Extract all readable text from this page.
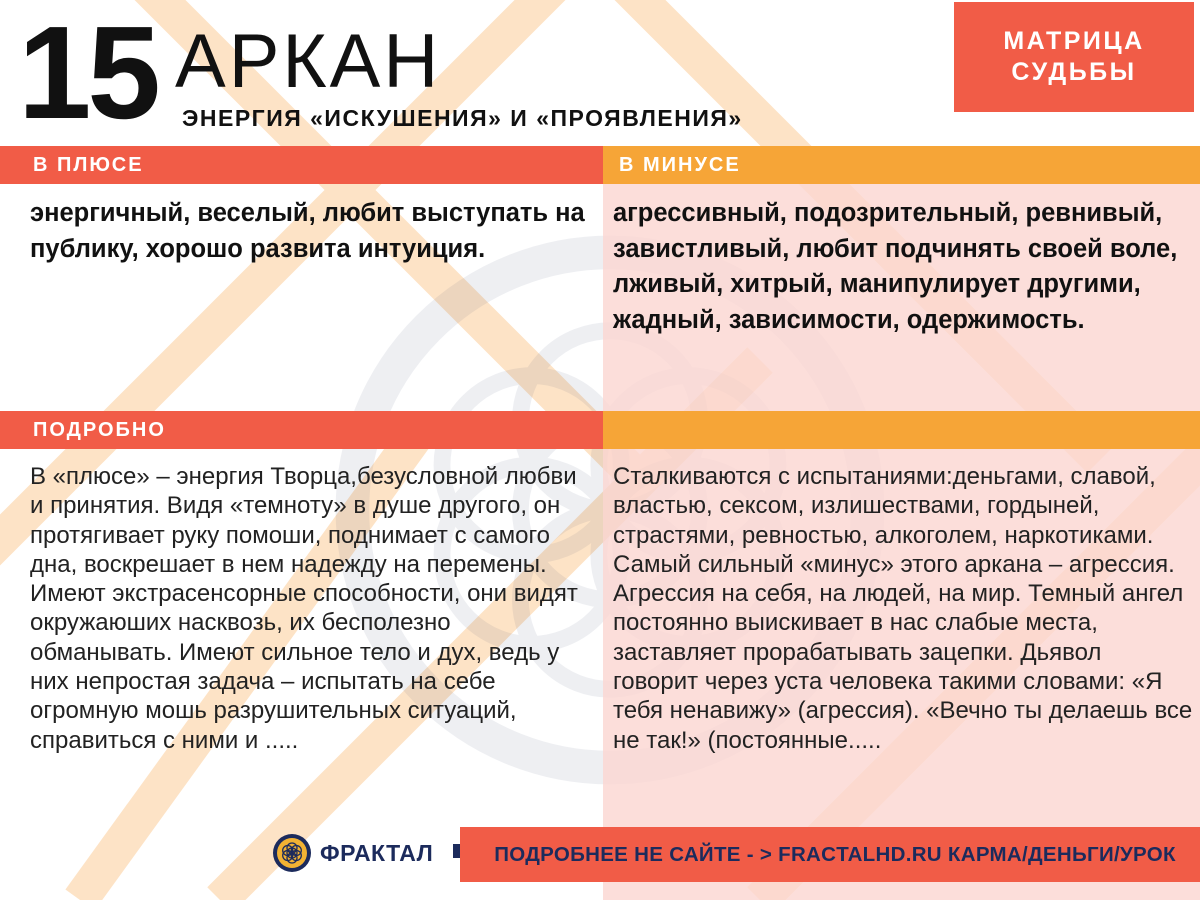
15 АРКАН
ЭНЕРГИЯ «ИСКУШЕНИЯ» И «ПРОЯВЛЕНИЯ»
МАТРИЦА
СУДЬБЫ
В ПЛЮСЕ	В МИНУСЕ
энергичный, веселый, любит выступать на публику, хорошо развита интуиция.
агрессивный, подозрительный, ревнивый, завистливый, любит подчинять своей воле, лживый, хитрый, манипулирует другими, жадный, зависимости, одержимость.
ПОДРОБНО
В «плюсе» – энергия Творца,безусловной любви и принятия. Видя «темноту» в душе другого, он протягивает руку помоши, поднимает с самого дна, воскрешает в нем надежду на перемены. Имеют экстрасенсорные способности, они видят окружаюших насквозь, их бесполезно обманывать. Имеют сильное тело и дух, ведь у них непростая задача – испытать на себе огромную мошь разрушительных ситуаций, справиться с ними и .....
Сталкиваются с испытаниями:деньгами, славой, властью, сексом, излишествами, гордыней, страстями, ревностью, алкоголем, наркотиками. Самый сильный «минус» этого аркана – агрессия. Агрессия на себя, на людей, на мир. Темный ангел постоянно выискивает в нас слабые места, заставляет прорабатывать зацепки. Дьявол говорит через уста человека такими словами: «Я тебя ненавижу» (агрессия). «Вечно ты делаешь все не так!» (постоянные.....
ФРАКТАЛ	ПОДРОБНЕЕ НЕ САЙТЕ - > FRACTALHD.RU КАРМА/ДЕНЬГИ/УРОК
